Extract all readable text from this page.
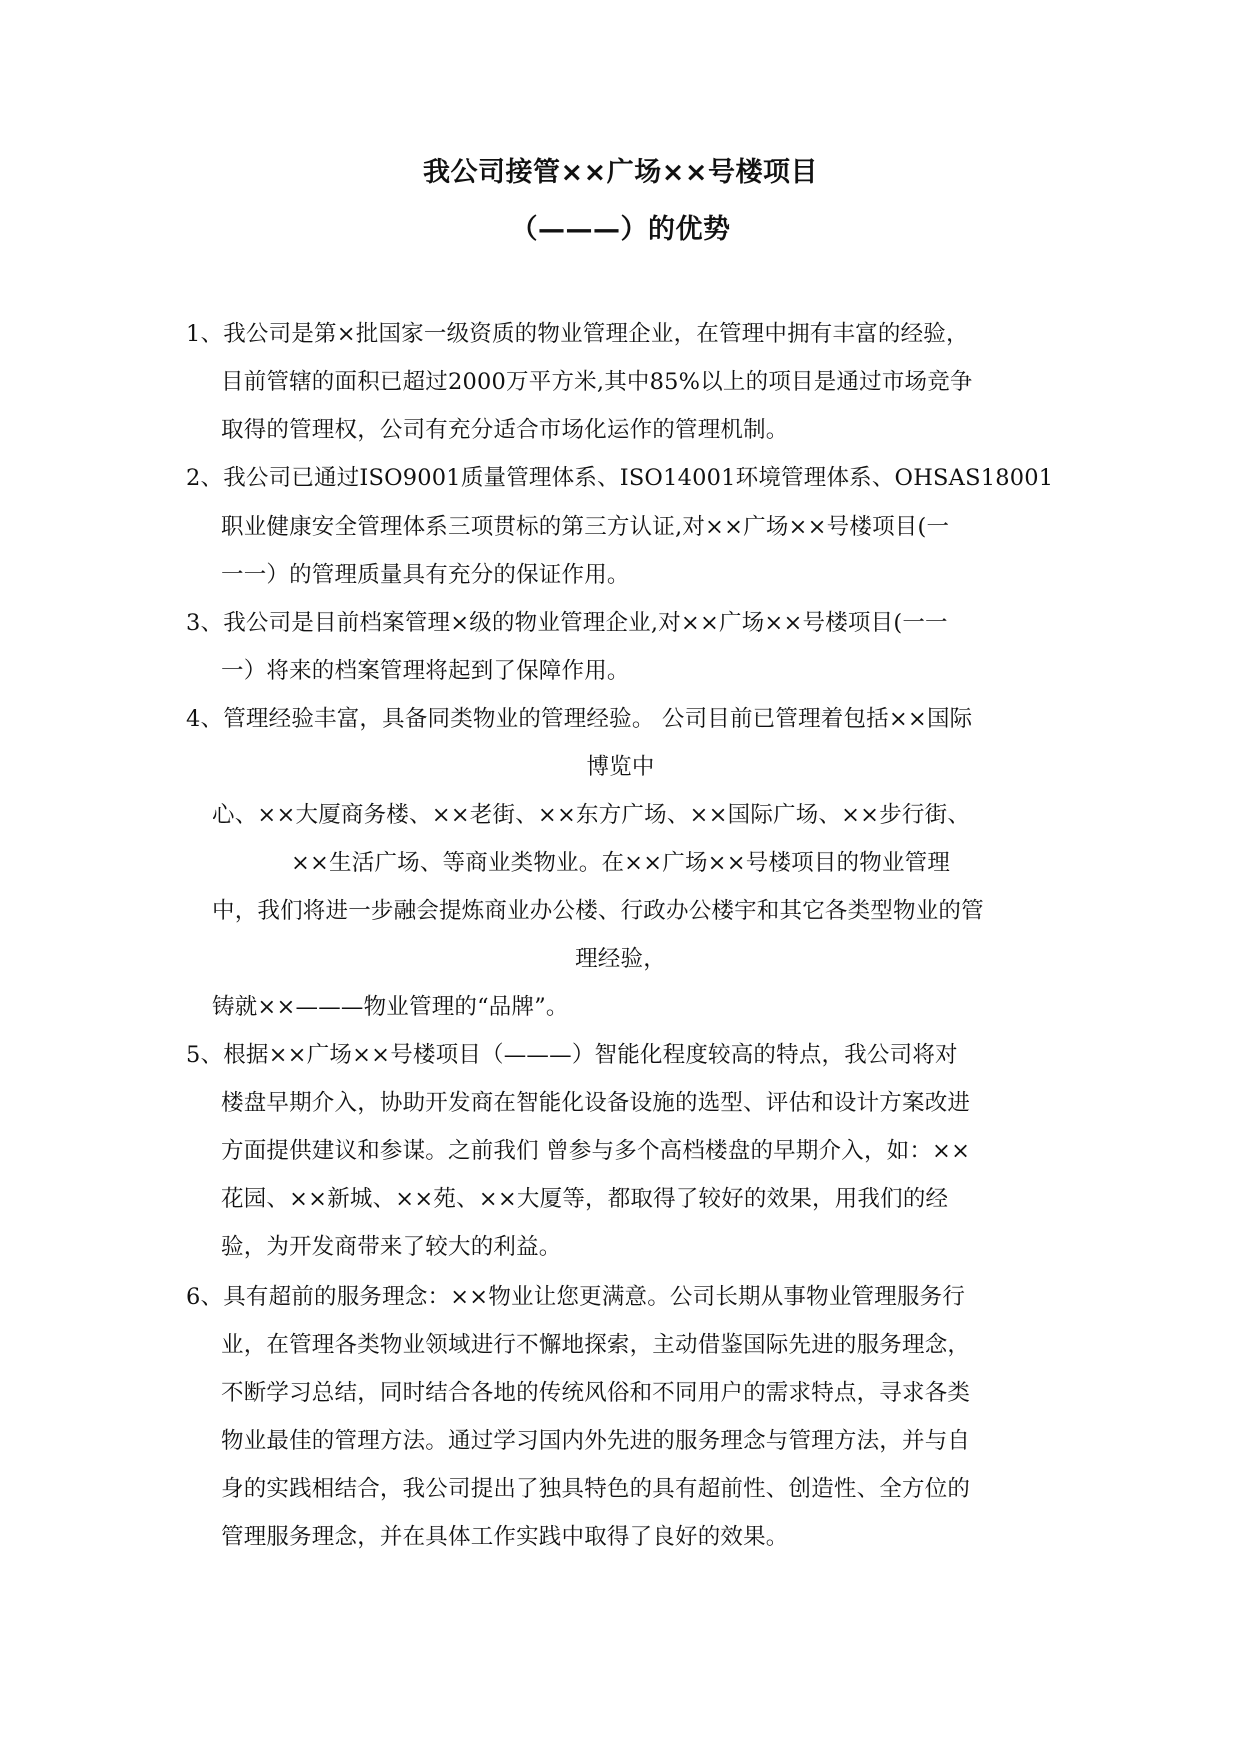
我公司接管××广场××号楼项目
（———）的优势
1、我公司是第×批国家一级资质的物业管理企业，在管理中拥有丰富的经验，
目前管辖的面积已超过2000万平方米,其中85%以上的项目是通过市场竞争
取得的管理权，公司有充分适合市场化运作的管理机制。
2、我公司已通过ISO9001质量管理体系、ISO14001环境管理体系、OHSAS18001
职业健康安全管理体系三项贯标的第三方认证,对××广场××号楼项目(一
一一）的管理质量具有充分的保证作用。
3、我公司是目前档案管理×级的物业管理企业,对××广场××号楼项目(一一
一）将来的档案管理将起到了保障作用。
4、管理经验丰富，具备同类物业的管理经验。 公司目前已管理着包括××国际
博览中
心、××大厦商务楼、××老街、××东方广场、××国际广场、××步行街、
××生活广场、等商业类物业。在××广场××号楼项目的物业管理
中，我们将进一步融会提炼商业办公楼、行政办公楼宇和其它各类型物业的管
理经验，
铸就××———物业管理的“品牌”。
5、根据××广场××号楼项目（———）智能化程度较高的特点，我公司将对
楼盘早期介入，协助开发商在智能化设备设施的选型、评估和设计方案改进
方面提供建议和参谋。之前我们 曾参与多个高档楼盘的早期介入，如：××
花园、××新城、××苑、××大厦等，都取得了较好的效果，用我们的经
验，为开发商带来了较大的利益。
6、具有超前的服务理念：××物业让您更满意。公司长期从事物业管理服务行
业，在管理各类物业领域进行不懈地探索，主动借鉴国际先进的服务理念，
不断学习总结，同时结合各地的传统风俗和不同用户的需求特点，寻求各类
物业最佳的管理方法。通过学习国内外先进的服务理念与管理方法，并与自
身的实践相结合，我公司提出了独具特色的具有超前性、创造性、全方位的
管理服务理念，并在具体工作实践中取得了良好的效果。
